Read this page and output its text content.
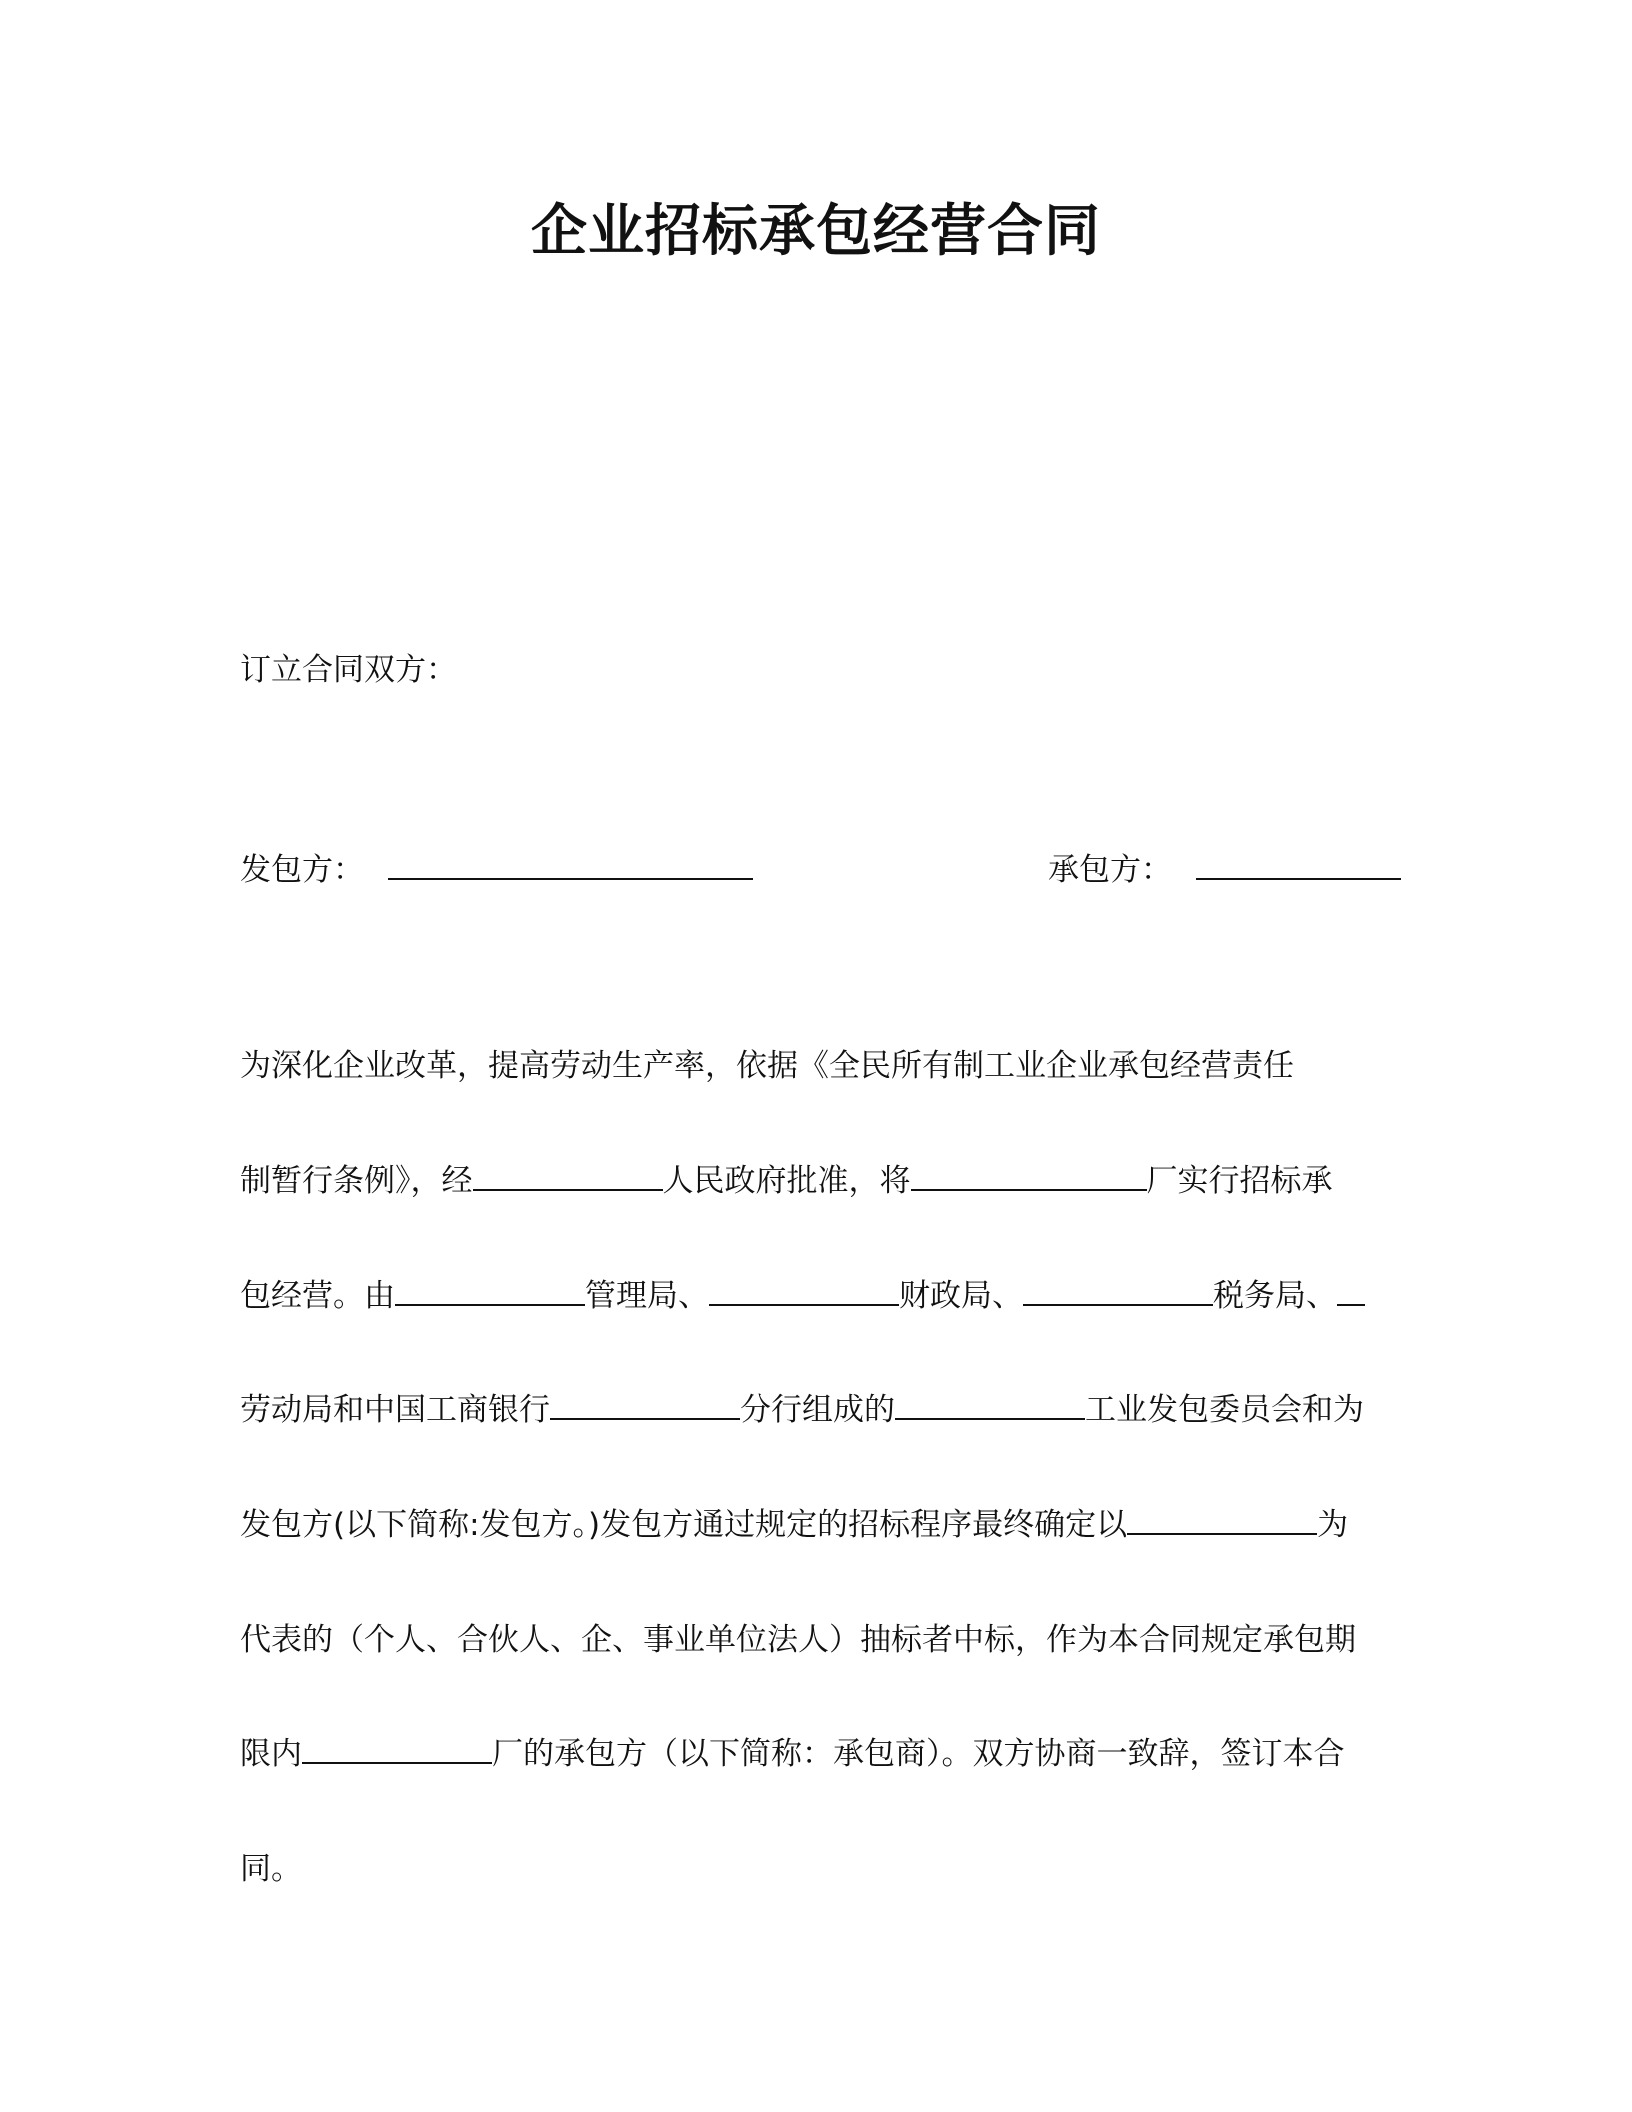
企业招标承包经营合同
订立合同双方：
发包方：	承包方：
为深化企业改革，提高劳动生产率，依据《全民所有制工业企业承包经营责任
制暂行条例》，经	人民政府批准，将	厂实行招标承
包经营。由	管理局、	财政局、	税务局、
劳动局和中国工商银行	分行组成的	工业发包委员会和为
发包方(以下简称:发包方。)发包方通过规定的招标程序最终确定以	为
代表的（个人、合伙人、企、事业单位法人）抽标者中标，作为本合同规定承包期
限内	厂的承包方（以下简称：承包商）。双方协商一致辞，签订本合
同。
